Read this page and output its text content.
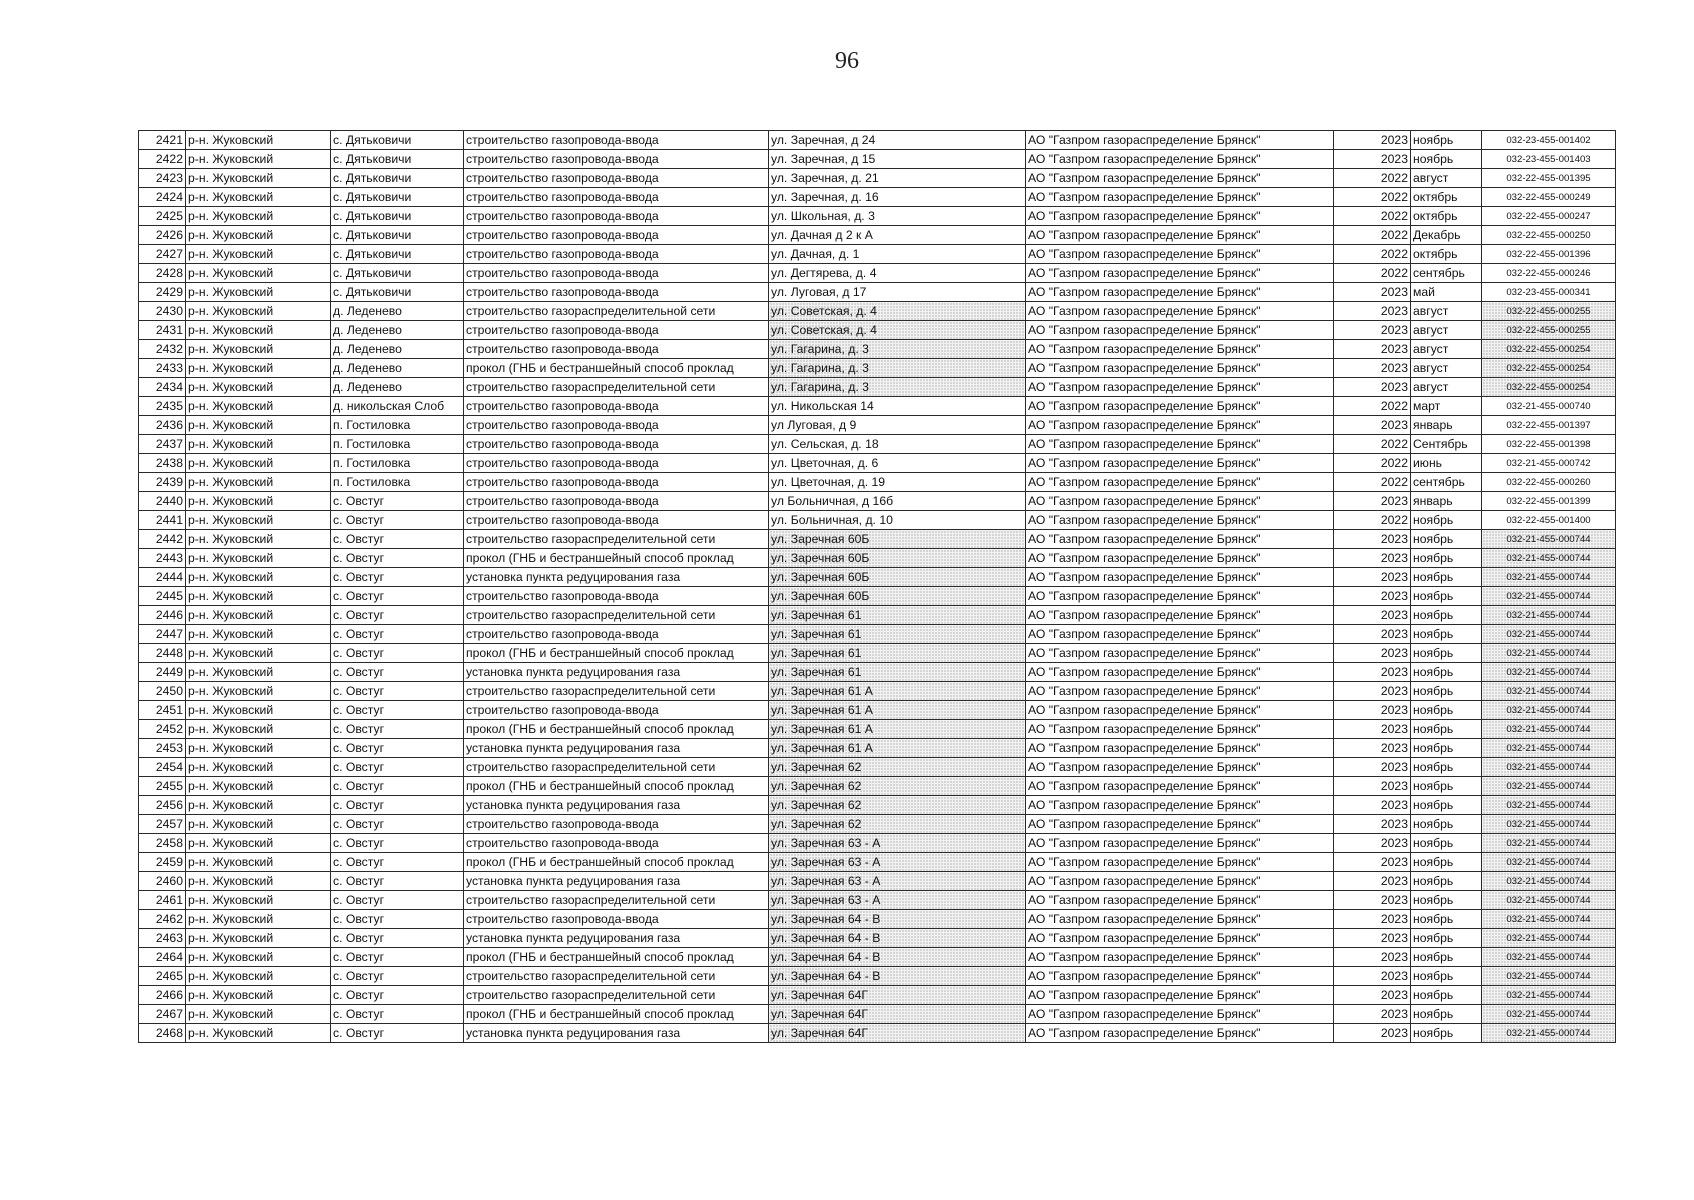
96
2421	р-н. Жуковский	с. Дятьковичи	строительство газопровода-ввода	ул. Заречная, д 24	АО "Газпром газораспределение Брянск"	2023	ноябрь	032-23-455-001402
2422	р-н. Жуковский	с. Дятьковичи	строительство газопровода-ввода	ул. Заречная, д 15	АО "Газпром газораспределение Брянск"	2023	ноябрь	032-23-455-001403
2423	р-н. Жуковский	с. Дятьковичи	строительство газопровода-ввода	ул. Заречная, д. 21	АО "Газпром газораспределение Брянск"	2022	август	032-22-455-001395
2424	р-н. Жуковский	с. Дятьковичи	строительство газопровода-ввода	ул. Заречная, д. 16	АО "Газпром газораспределение Брянск"	2022	октябрь	032-22-455-000249
2425	р-н. Жуковский	с. Дятьковичи	строительство газопровода-ввода	ул. Школьная, д. 3	АО "Газпром газораспределение Брянск"	2022	октябрь	032-22-455-000247
2426	р-н. Жуковский	с. Дятьковичи	строительство газопровода-ввода	ул. Дачная д 2 к А	АО "Газпром газораспределение Брянск"	2022	Декабрь	032-22-455-000250
2427	р-н. Жуковский	с. Дятьковичи	строительство газопровода-ввода	ул. Дачная, д. 1	АО "Газпром газораспределение Брянск"	2022	октябрь	032-22-455-001396
2428	р-н. Жуковский	с. Дятьковичи	строительство газопровода-ввода	ул. Дегтярева, д. 4	АО "Газпром газораспределение Брянск"	2022	сентябрь	032-22-455-000246
2429	р-н. Жуковский	с. Дятьковичи	строительство газопровода-ввода	ул. Луговая, д 17	АО "Газпром газораспределение Брянск"	2023	май	032-23-455-000341
2430	р-н. Жуковский	д. Леденево	строительство газораспределительной сети	ул. Советская, д. 4	АО "Газпром газораспределение Брянск"	2023	август	032-22-455-000255
2431	р-н. Жуковский	д. Леденево	строительство газопровода-ввода	ул. Советская, д. 4	АО "Газпром газораспределение Брянск"	2023	август	032-22-455-000255
2432	р-н. Жуковский	д. Леденево	строительство газопровода-ввода	ул. Гагарина, д. 3	АО "Газпром газораспределение Брянск"	2023	август	032-22-455-000254
2433	р-н. Жуковский	д. Леденево	прокол (ГНБ и бестраншейный способ проклад	ул. Гагарина, д. 3	АО "Газпром газораспределение Брянск"	2023	август	032-22-455-000254
2434	р-н. Жуковский	д. Леденево	строительство газораспределительной сети	ул. Гагарина, д. 3	АО "Газпром газораспределение Брянск"	2023	август	032-22-455-000254
2435	р-н. Жуковский	д. никольская Слоб	строительство газопровода-ввода	ул. Никольская 14	АО "Газпром газораспределение Брянск"	2022	март	032-21-455-000740
2436	р-н. Жуковский	п. Гостиловка	строительство газопровода-ввода	ул Луговая, д 9	АО "Газпром газораспределение Брянск"	2023	январь	032-22-455-001397
2437	р-н. Жуковский	п. Гостиловка	строительство газопровода-ввода	ул. Сельская, д. 18	АО "Газпром газораспределение Брянск"	2022	Сентябрь	032-22-455-001398
2438	р-н. Жуковский	п. Гостиловка	строительство газопровода-ввода	ул. Цветочная, д. 6	АО "Газпром газораспределение Брянск"	2022	июнь	032-21-455-000742
2439	р-н. Жуковский	п. Гостиловка	строительство газопровода-ввода	ул. Цветочная, д. 19	АО "Газпром газораспределение Брянск"	2022	сентябрь	032-22-455-000260
2440	р-н. Жуковский	с. Овстуг	строительство газопровода-ввода	ул Больничная, д 16б	АО "Газпром газораспределение Брянск"	2023	январь	032-22-455-001399
2441	р-н. Жуковский	с. Овстуг	строительство газопровода-ввода	ул. Больничная, д. 10	АО "Газпром газораспределение Брянск"	2022	ноябрь	032-22-455-001400
2442	р-н. Жуковский	с. Овстуг	строительство газораспределительной сети	ул. Заречная 60Б	АО "Газпром газораспределение Брянск"	2023	ноябрь	032-21-455-000744
2443	р-н. Жуковский	с. Овстуг	прокол (ГНБ и бестраншейный способ проклад	ул. Заречная 60Б	АО "Газпром газораспределение Брянск"	2023	ноябрь	032-21-455-000744
2444	р-н. Жуковский	с. Овстуг	установка пункта редуцирования газа	ул. Заречная 60Б	АО "Газпром газораспределение Брянск"	2023	ноябрь	032-21-455-000744
2445	р-н. Жуковский	с. Овстуг	строительство газопровода-ввода	ул. Заречная 60Б	АО "Газпром газораспределение Брянск"	2023	ноябрь	032-21-455-000744
2446	р-н. Жуковский	с. Овстуг	строительство газораспределительной сети	ул. Заречная 61	АО "Газпром газораспределение Брянск"	2023	ноябрь	032-21-455-000744
2447	р-н. Жуковский	с. Овстуг	строительство газопровода-ввода	ул. Заречная 61	АО "Газпром газораспределение Брянск"	2023	ноябрь	032-21-455-000744
2448	р-н. Жуковский	с. Овстуг	прокол (ГНБ и бестраншейный способ проклад	ул. Заречная 61	АО "Газпром газораспределение Брянск"	2023	ноябрь	032-21-455-000744
2449	р-н. Жуковский	с. Овстуг	установка пункта редуцирования газа	ул. Заречная 61	АО "Газпром газораспределение Брянск"	2023	ноябрь	032-21-455-000744
2450	р-н. Жуковский	с. Овстуг	строительство газораспределительной сети	ул. Заречная 61 А	АО "Газпром газораспределение Брянск"	2023	ноябрь	032-21-455-000744
2451	р-н. Жуковский	с. Овстуг	строительство газопровода-ввода	ул. Заречная 61 А	АО "Газпром газораспределение Брянск"	2023	ноябрь	032-21-455-000744
2452	р-н. Жуковский	с. Овстуг	прокол (ГНБ и бестраншейный способ проклад	ул. Заречная 61 А	АО "Газпром газораспределение Брянск"	2023	ноябрь	032-21-455-000744
2453	р-н. Жуковский	с. Овстуг	установка пункта редуцирования газа	ул. Заречная 61 А	АО "Газпром газораспределение Брянск"	2023	ноябрь	032-21-455-000744
2454	р-н. Жуковский	с. Овстуг	строительство газораспределительной сети	ул. Заречная 62	АО "Газпром газораспределение Брянск"	2023	ноябрь	032-21-455-000744
2455	р-н. Жуковский	с. Овстуг	прокол (ГНБ и бестраншейный способ проклад	ул. Заречная 62	АО "Газпром газораспределение Брянск"	2023	ноябрь	032-21-455-000744
2456	р-н. Жуковский	с. Овстуг	установка пункта редуцирования газа	ул. Заречная 62	АО "Газпром газораспределение Брянск"	2023	ноябрь	032-21-455-000744
2457	р-н. Жуковский	с. Овстуг	строительство газопровода-ввода	ул. Заречная 62	АО "Газпром газораспределение Брянск"	2023	ноябрь	032-21-455-000744
2458	р-н. Жуковский	с. Овстуг	строительство газопровода-ввода	ул. Заречная 63 - А	АО "Газпром газораспределение Брянск"	2023	ноябрь	032-21-455-000744
2459	р-н. Жуковский	с. Овстуг	прокол (ГНБ и бестраншейный способ проклад	ул. Заречная 63 - А	АО "Газпром газораспределение Брянск"	2023	ноябрь	032-21-455-000744
2460	р-н. Жуковский	с. Овстуг	установка пункта редуцирования газа	ул. Заречная 63 - А	АО "Газпром газораспределение Брянск"	2023	ноябрь	032-21-455-000744
2461	р-н. Жуковский	с. Овстуг	строительство газораспределительной сети	ул. Заречная 63 - А	АО "Газпром газораспределение Брянск"	2023	ноябрь	032-21-455-000744
2462	р-н. Жуковский	с. Овстуг	строительство газопровода-ввода	ул. Заречная 64 - В	АО "Газпром газораспределение Брянск"	2023	ноябрь	032-21-455-000744
2463	р-н. Жуковский	с. Овстуг	установка пункта редуцирования газа	ул. Заречная 64 - В	АО "Газпром газораспределение Брянск"	2023	ноябрь	032-21-455-000744
2464	р-н. Жуковский	с. Овстуг	прокол (ГНБ и бестраншейный способ проклад	ул. Заречная 64 - В	АО "Газпром газораспределение Брянск"	2023	ноябрь	032-21-455-000744
2465	р-н. Жуковский	с. Овстуг	строительство газораспределительной сети	ул. Заречная 64 - В	АО "Газпром газораспределение Брянск"	2023	ноябрь	032-21-455-000744
2466	р-н. Жуковский	с. Овстуг	строительство газораспределительной сети	ул. Заречная 64Г	АО "Газпром газораспределение Брянск"	2023	ноябрь	032-21-455-000744
2467	р-н. Жуковский	с. Овстуг	прокол (ГНБ и бестраншейный способ проклад	ул. Заречная 64Г	АО "Газпром газораспределение Брянск"	2023	ноябрь	032-21-455-000744
2468	р-н. Жуковский	с. Овстуг	установка пункта редуцирования газа	ул. Заречная 64Г	АО "Газпром газораспределение Брянск"	2023	ноябрь	032-21-455-000744
